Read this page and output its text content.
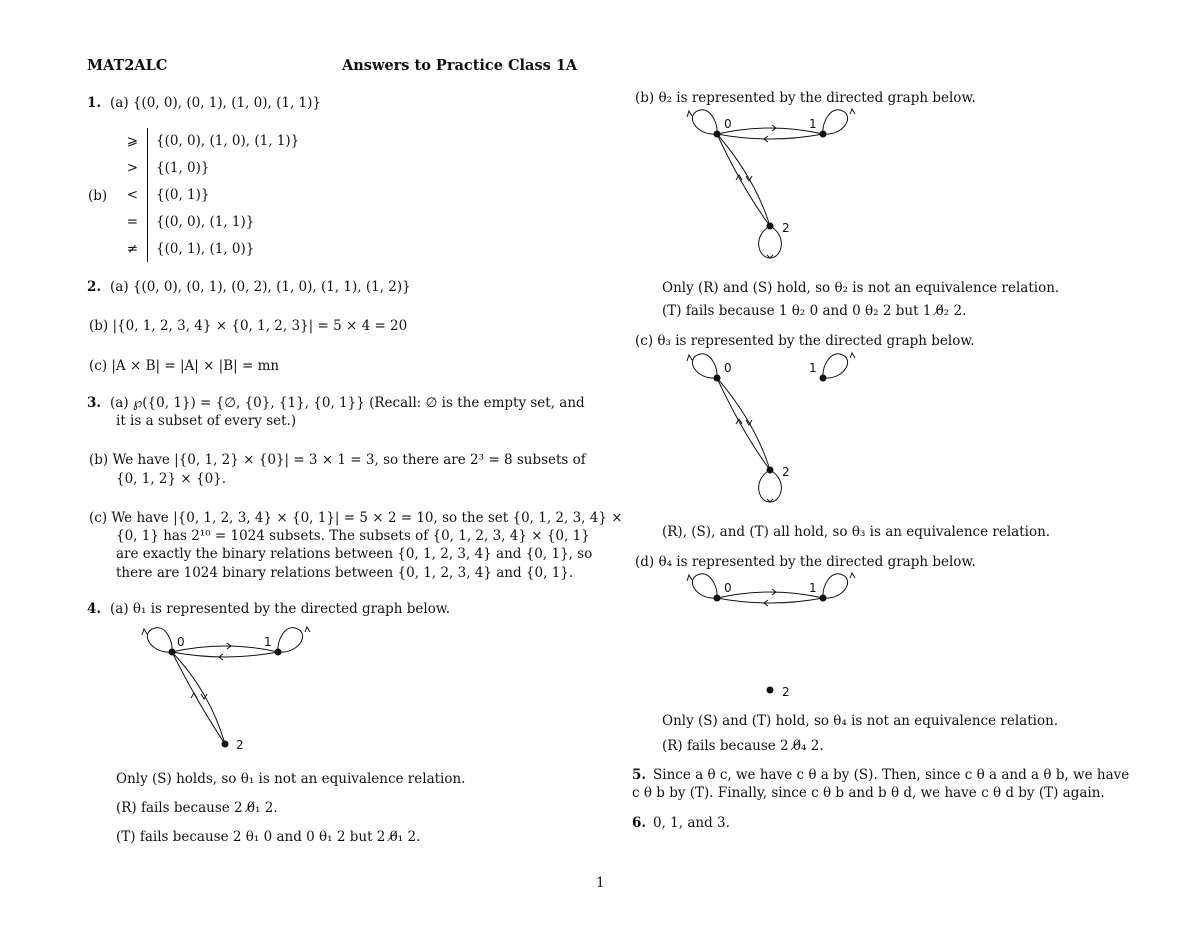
MAT2ALC	Answers to Practice Class 1A
1. (a) {(0, 0), (0, 1), (1, 0), (1, 1)}
(b)
⩾ {(0, 0), (1, 0), (1, 1)}
> {(1, 0)}
< {(0, 1)}
= {(0, 0), (1, 1)}
≠ {(0, 1), (1, 0)}
2. (a) {(0, 0), (0, 1), (0, 2), (1, 0), (1, 1), (1, 2)}
(b) |{0, 1, 2, 3, 4} × {0, 1, 2, 3}| = 5 × 4 = 20
(c) |A × B| = |A| × |B| = mn
3. (a) ℘({0, 1}) = {∅, {0}, {1}, {0, 1}} (Recall: ∅ is the empty set, and
it is a subset of every set.)
(b) We have |{0, 1, 2} × {0}| = 3 × 1 = 3, so there are 2³ = 8 subsets of
{0, 1, 2} × {0}.
(c) We have |{0, 1, 2, 3, 4} × {0, 1}| = 5 × 2 = 10, so the set {0, 1, 2, 3, 4} ×
{0, 1} has 2¹⁰ = 1024 subsets. The subsets of {0, 1, 2, 3, 4} × {0, 1}
are exactly the binary relations between {0, 1, 2, 3, 4} and {0, 1}, so
there are 1024 binary relations between {0, 1, 2, 3, 4} and {0, 1}.
4. (a) θ₁ is represented by the directed graph below.
0	1
2
Only (S) holds, so θ₁ is not an equivalence relation.
(R) fails because 2 θ̸₁ 2.
(T) fails because 2 θ₁ 0 and 0 θ₁ 2 but 2 θ̸₁ 2.
(b) θ₂ is represented by the directed graph below.
0	1
2
Only (R) and (S) hold, so θ₂ is not an equivalence relation.
(T) fails because 1 θ₂ 0 and 0 θ₂ 2 but 1 θ̸₂ 2.
(c) θ₃ is represented by the directed graph below.
0	1
2
(R), (S), and (T) all hold, so θ₃ is an equivalence relation.
(d) θ₄ is represented by the directed graph below.
0	1
2
Only (S) and (T) hold, so θ₄ is not an equivalence relation.
(R) fails because 2 θ̸₄ 2.
5. Since a θ c, we have c θ a by (S). Then, since c θ a and a θ b, we have
c θ b by (T). Finally, since c θ b and b θ d, we have c θ d by (T) again.
6. 0, 1, and 3.
1
